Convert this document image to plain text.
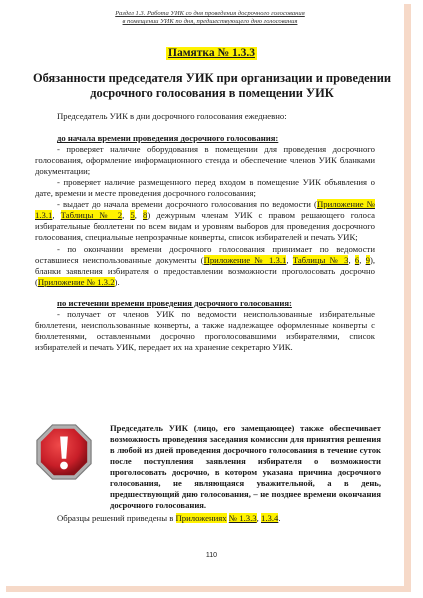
Раздел 1.3. Работа УИК со дня проведения досрочного голосования
в помещении УИК по дня, предшествующего дню голосования
Памятка № 1.3.3
Обязанности председателя УИК при организации и проведении досрочного голосования в помещении УИК

Председатель УИК в дни досрочного голосования ежедневно:

до начала времени проведения досрочного голосования:

- проверяет наличие оборудования в помещении для проведения досрочного голосования, оформление информационного стенда и обеспечение членов УИК бланками документации;

- проверяет наличие размещенного перед входом в помещение УИК объявления о дате, времени и месте проведения досрочного голосования;

- выдает до начала времени досрочного голосования по ведомости (Приложение № 1.3.1, Таблицы № 2, 5, 8) дежурным членам УИК с правом решающего голоса избирательные бюллетени по всем видам и уровням выборов для проведения досрочного голосования, специальные непрозрачные конверты, список избирателей и печать УИК;

- по окончании времени досрочного голосования принимает по ведомости оставшиеся неиспользованные документы (Приложение № 1.3.1, Таблицы № 3, 6, 9), бланки заявления избирателя о предоставлении возможности проголосовать досрочно (Приложение № 1.3.2).

по истечении времени проведения досрочного голосования:

- получает от членов УИК по ведомости неиспользованные избирательные бюллетени, неиспользованные конверты, а также надлежащее оформленные конверты с бюллетенями, оставленными досрочно проголосовавшими избирателями, список избирателей и печать УИК, передает их на хранение секретарю УИК.

Председатель УИК (лицо, его замещающее) также обеспечивает возможность проведения заседания комиссии для принятия решения в любой из дней проведения досрочного голосования в течение суток после поступления заявления избирателя о возможности проголосовать досрочно, в котором указана причина досрочного голосования, не являющаяся уважительной, а в день, предшествующий дню голосования, – не позднее времени окончания досрочного голосования.
Образцы решений приведены в Приложениях № 1.3.3, 1.3.4.
110
